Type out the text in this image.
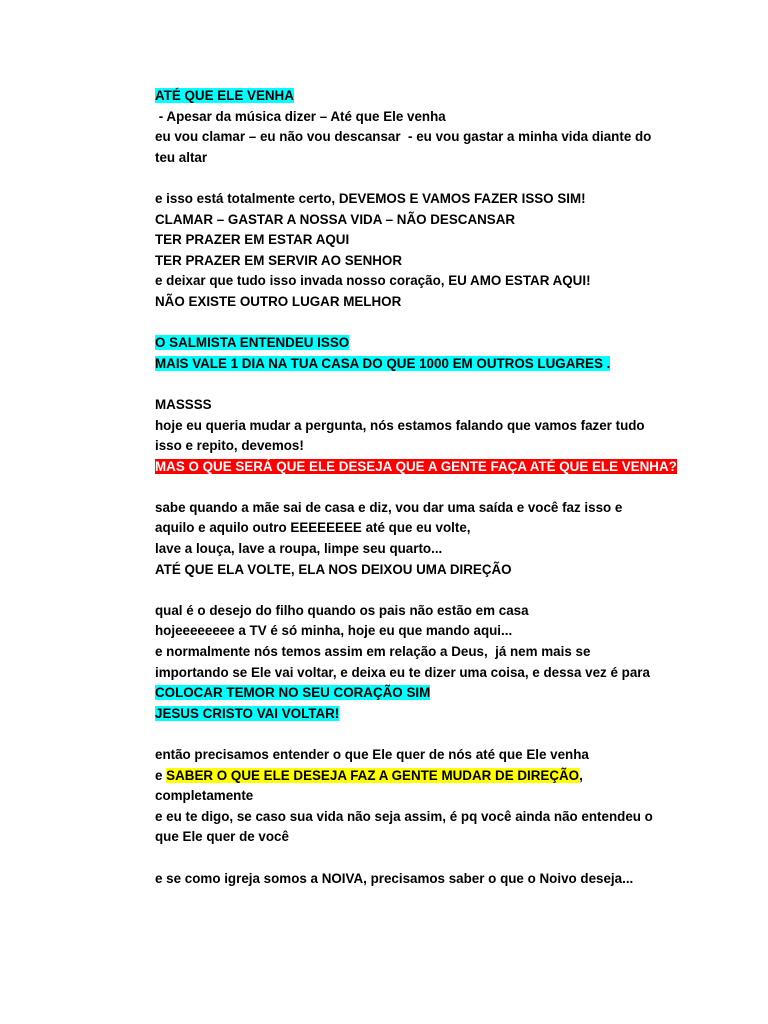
ATÉ QUE ELE VENHA
- Apesar da música dizer – Até que Ele venha
eu vou clamar – eu não vou descansar  - eu vou gastar a minha vida diante do
teu altar
e isso está totalmente certo, DEVEMOS E VAMOS FAZER ISSO SIM!
CLAMAR – GASTAR A NOSSA VIDA – NÃO DESCANSAR
TER PRAZER EM ESTAR AQUI
TER PRAZER EM SERVIR AO SENHOR
e deixar que tudo isso invada nosso coração, EU AMO ESTAR AQUI!
NÃO EXISTE OUTRO LUGAR MELHOR
O SALMISTA ENTENDEU ISSO
MAIS VALE 1 DIA NA TUA CASA DO QUE 1000 EM OUTROS LUGARES .
MASSSS
hoje eu queria mudar a pergunta, nós estamos falando que vamos fazer tudo
isso e repito, devemos!
MAS O QUE SERÁ QUE ELE DESEJA QUE A GENTE FAÇA ATÉ QUE ELE VENHA?
sabe quando a mãe sai de casa e diz, vou dar uma saída e você faz isso e
aquilo e aquilo outro EEEEEEEE até que eu volte,
lave a louça, lave a roupa, limpe seu quarto...
ATÉ QUE ELA VOLTE, ELA NOS DEIXOU UMA DIREÇÃO
qual é o desejo do filho quando os pais não estão em casa
hojeeeeeeee a TV é só minha, hoje eu que mando aqui...
e normalmente nós temos assim em relação a Deus,  já nem mais se
importando se Ele vai voltar, e deixa eu te dizer uma coisa, e dessa vez é para
COLOCAR TEMOR NO SEU CORAÇÃO SIM
JESUS CRISTO VAI VOLTAR!
então precisamos entender o que Ele quer de nós até que Ele venha
e SABER O QUE ELE DESEJA FAZ A GENTE MUDAR DE DIREÇÃO,
completamente
e eu te digo, se caso sua vida não seja assim, é pq você ainda não entendeu o
que Ele quer de você
e se como igreja somos a NOIVA, precisamos saber o que o Noivo deseja...
